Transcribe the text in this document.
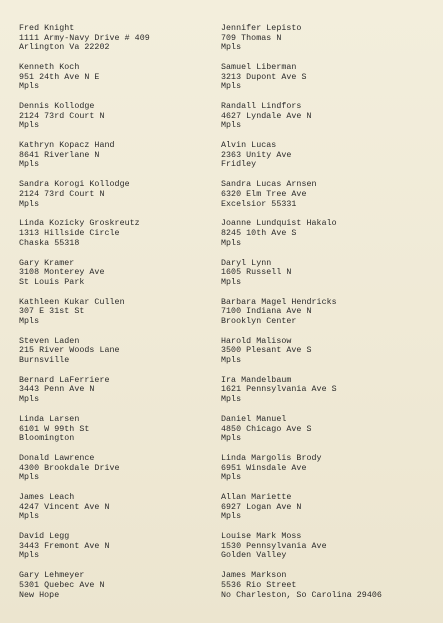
Fred Knight
1111 Army-Navy Drive # 409
Arlington Va 22202
Kenneth Koch
951 24th Ave N E
Mpls
Dennis Kollodge
2124 73rd Court N
Mpls
Kathryn Kopacz Hand
8641 Riverlane N
Mpls
Sandra Korogi Kollodge
2124 73rd Court N
Mpls
Linda Kozicky Groskreutz
1313 Hillside Circle
Chaska 55318
Gary Kramer
3108 Monterey Ave
St Louis Park
Kathleen Kukar Cullen
307 E 31st St
Mpls
Steven Laden
215 River Woods Lane
Burnsville
Bernard LaFerriere
3443 Penn Ave N
Mpls
Linda Larsen
6101 W 99th St
Bloomington
Donald Lawrence
4300 Brookdale Drive
Mpls
James Leach
4247 Vincent Ave N
Mpls
David Legg
3443 Fremont Ave N
Mpls
Gary Lehmeyer
5301 Quebec Ave N
New Hope
Jennifer Lepisto
709 Thomas N
Mpls
Samuel Liberman
3213 Dupont Ave S
Mpls
Randall Lindfors
4627 Lyndale Ave N
Mpls
Alvin Lucas
2363 Unity Ave
Fridley
Sandra Lucas Arnsen
6320 Elm Tree Ave
Excelsior 55331
Joanne Lundquist Hakalo
8245 10th Ave S
Mpls
Daryl Lynn
1605 Russell N
Mpls
Barbara Magel Hendricks
7100 Indiana Ave N
Brooklyn Center
Harold Malisow
3500 Plesant Ave S
Mpls
Ira Mandelbaum
1621 Pennsylvania Ave S
Mpls
Daniel Manuel
4850 Chicago Ave S
Mpls
Linda Margolis Brody
6951 Winsdale Ave
Mpls
Allan Mariette
6927 Logan Ave N
Mpls
Louise Mark Moss
1530 Pennsylvania Ave
Golden Valley
James Markson
5536 Rio Street
No Charleston, So Carolina 29406
